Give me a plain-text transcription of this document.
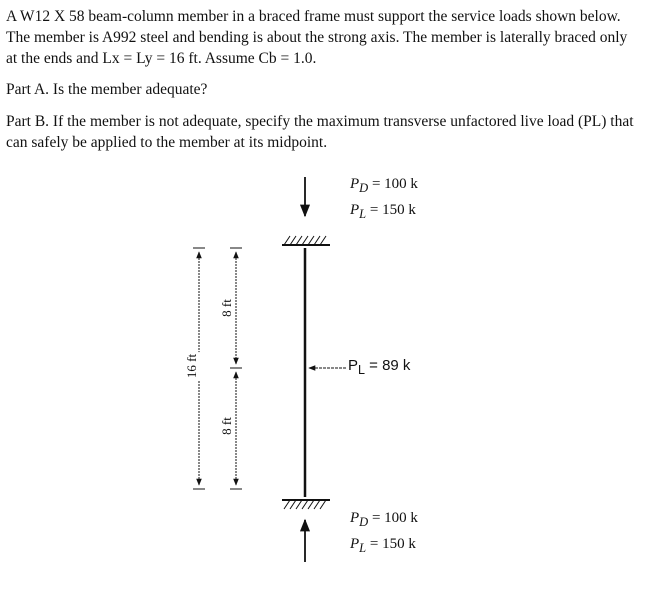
A W12 X 58 beam-column member in a braced frame must support the service loads shown below. The member is A992 steel and bending is about the strong axis. The member is laterally braced only at the ends and Lx = Ly = 16 ft. Assume Cb = 1.0.

Part A. Is the member adequate?

Part B. If the member is not adequate, specify the maximum transverse unfactored live load (PL) that can safely be applied to the member at its midpoint.

16 ft
8 ft
8 ft
$P_D = 100$ k
$P_L = 150$ k
$P_L = 89$ k
$P_D = 100$ k
$P_L = 150$ k
